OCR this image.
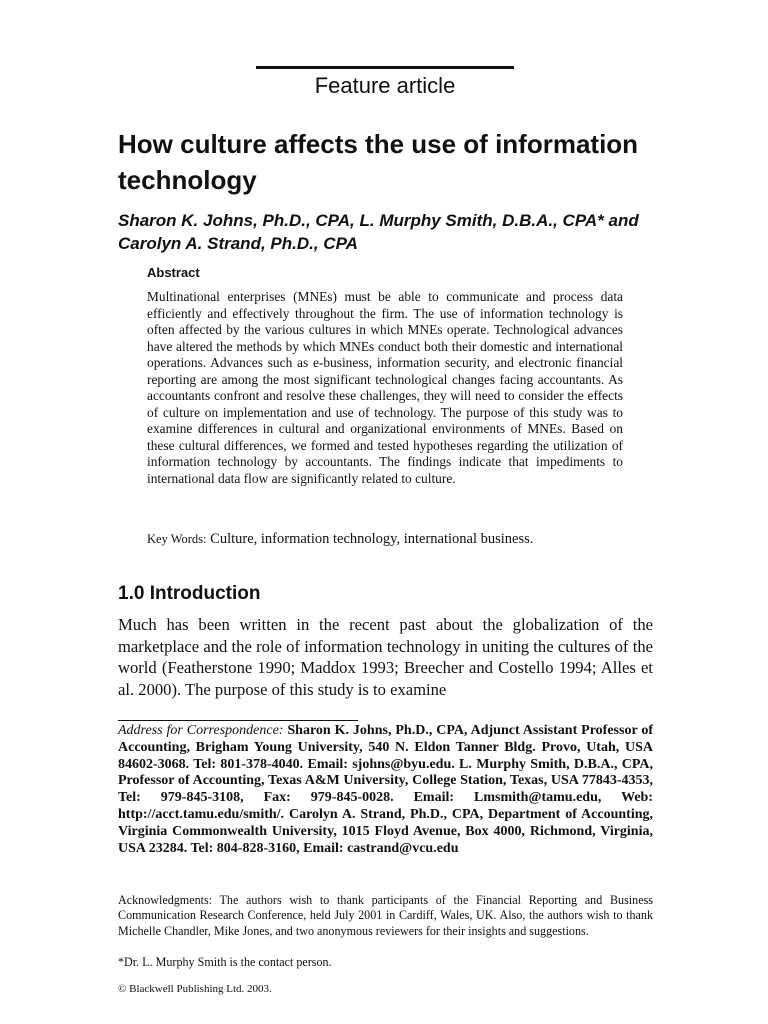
Feature article
How culture affects the use of information technology

Sharon K. Johns, Ph.D., CPA, L. Murphy Smith, D.B.A., CPA* and Carolyn A. Strand, Ph.D., CPA

Abstract

Multinational enterprises (MNEs) must be able to communicate and process data efficiently and effectively throughout the firm. The use of information technology is often affected by the various cultures in which MNEs operate. Technological advances have altered the methods by which MNEs conduct both their domestic and international operations. Advances such as e-business, information security, and electronic financial reporting are among the most significant technological changes facing accountants. As accountants confront and resolve these challenges, they will need to consider the effects of culture on implementation and use of technology. The purpose of this study was to examine differences in cultural and organizational environments of MNEs. Based on these cultural differences, we formed and tested hypotheses regarding the utilization of information technology by accountants. The findings indicate that impediments to international data flow are significantly related to culture.

Key Words: Culture, information technology, international business.

1.0 Introduction

Much has been written in the recent past about the globalization of the marketplace and the role of information technology in uniting the cultures of the world (Featherstone 1990; Maddox 1993; Breecher and Costello 1994; Alles et al. 2000). The purpose of this study is to examine

Address for Correspondence: Sharon K. Johns, Ph.D., CPA, Adjunct Assistant Professor of Accounting, Brigham Young University, 540 N. Eldon Tanner Bldg. Provo, Utah, USA 84602-3068. Tel: 801-378-4040. Email: sjohns@byu.edu. L. Murphy Smith, D.B.A., CPA, Professor of Accounting, Texas A&M University, College Station, Texas, USA 77843-4353, Tel: 979-845-3108, Fax: 979-845-0028. Email: Lmsmith@tamu.edu, Web: http://acct.tamu.edu/smith/. Carolyn A. Strand, Ph.D., CPA, Department of Accounting, Virginia Commonwealth University, 1015 Floyd Avenue, Box 4000, Richmond, Virginia, USA 23284. Tel: 804-828-3160, Email: castrand@vcu.edu

Acknowledgments: The authors wish to thank participants of the Financial Reporting and Business Communication Research Conference, held July 2001 in Cardiff, Wales, UK. Also, the authors wish to thank Michelle Chandler, Mike Jones, and two anonymous reviewers for their insights and suggestions.

*Dr. L. Murphy Smith is the contact person.

© Blackwell Publishing Ltd. 2003.
